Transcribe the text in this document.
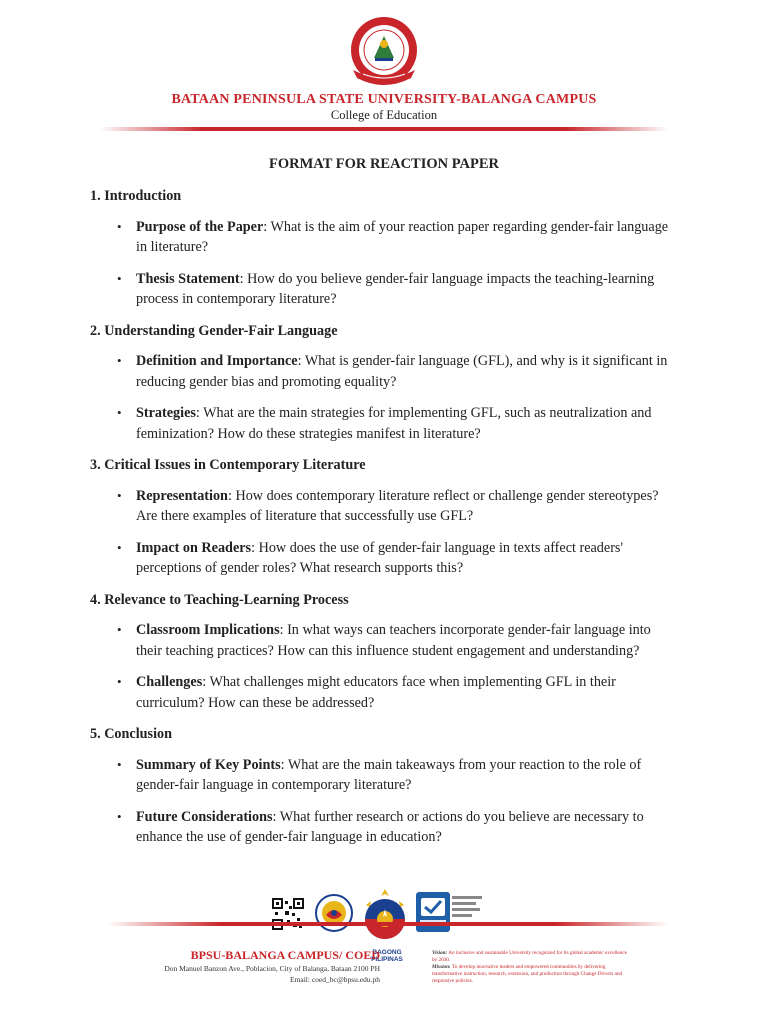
BATAAN PENINSULA STATE UNIVERSITY-BALANGA CAMPUS
College of Education
FORMAT FOR REACTION PAPER
1. Introduction
• Purpose of the Paper: What is the aim of your reaction paper regarding gender-fair language in literature?
• Thesis Statement: How do you believe gender-fair language impacts the teaching-learning process in contemporary literature?
2. Understanding Gender-Fair Language
• Definition and Importance: What is gender-fair language (GFL), and why is it significant in reducing gender bias and promoting equality?
• Strategies: What are the main strategies for implementing GFL, such as neutralization and feminization? How do these strategies manifest in literature?
3. Critical Issues in Contemporary Literature
• Representation: How does contemporary literature reflect or challenge gender stereotypes? Are there examples of literature that successfully use GFL?
• Impact on Readers: How does the use of gender-fair language in texts affect readers' perceptions of gender roles? What research supports this?
4. Relevance to Teaching-Learning Process
• Classroom Implications: In what ways can teachers incorporate gender-fair language into their teaching practices? How can this influence student engagement and understanding?
• Challenges: What challenges might educators face when implementing GFL in their curriculum? How can these be addressed?
5. Conclusion
• Summary of Key Points: What are the main takeaways from your reaction to the role of gender-fair language in contemporary literature?
• Future Considerations: What further research or actions do you believe are necessary to enhance the use of gender-fair language in education?
BAGONG PILIPINAS
BPSU-BALANGA CAMPUS/ COED
Don Manuel Banzon Ave., Poblacion, City of Balanga, Bataan 2100 PH
Email: coed_bc@bpsu.edu.ph
Vision: An inclusive and sustainable University recognized for its global academic excellence by 2030.
Mission: To develop innovative leaders and empowered communities by delivering transformative instruction, research, extension, and production through Change Drivers and responsive policies.
